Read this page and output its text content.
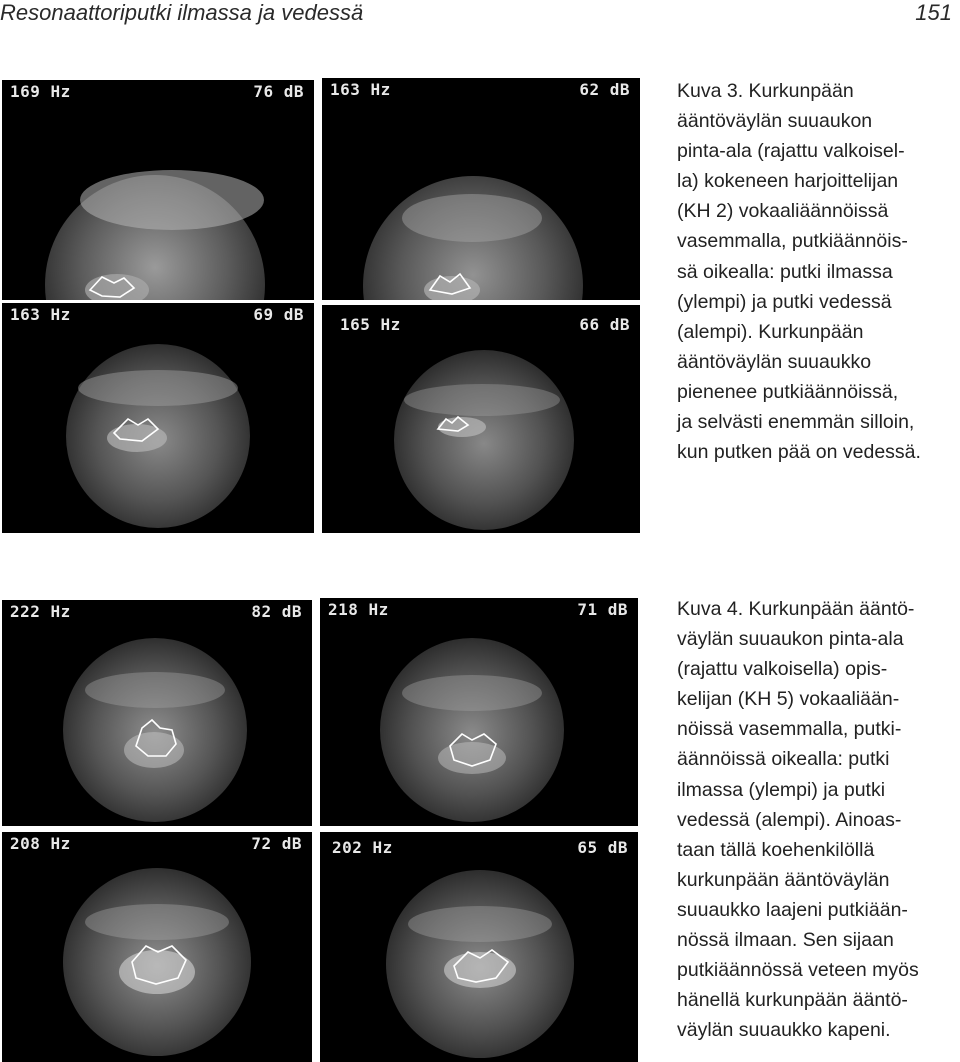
Resonaattoriputki ilmassa ja vedessä	151
169 Hz	76 dB 163 Hz	62 dB
163 Hz	69 dB
165 Hz	66 dB
Kuva 3. Kurkunpään
ääntöväylän suuaukon
pinta-ala (rajattu valkoisel-
la) kokeneen harjoittelijan
(KH 2) vokaaliäännöissä
vasemmalla, putkiäännöis-
sä oikealla: putki ilmassa
(ylempi) ja putki vedessä
(alempi). Kurkunpään
ääntöväylän suuaukko
pienenee putkiäännöissä,
ja selvästi enemmän silloin,
kun putken pää on vedessä.
222 Hz	82 dB 218 Hz	71 dB
208 Hz	72 dB 202 Hz	65 dB
Kuva 4. Kurkunpään ääntö-
väylän suuaukon pinta-ala
(rajattu valkoisella) opis-
kelijan (KH 5) vokaaliään-
nöissä vasemmalla, putki-
äännöissä oikealla: putki
ilmassa (ylempi) ja putki
vedessä (alempi). Ainoas-
taan tällä koehenkilöllä
kurkunpään ääntöväylän
suuaukko laajeni putkiään-
nössä ilmaan. Sen sijaan
putkiäännössä veteen myös
hänellä kurkunpään ääntö-
väylän suuaukko kapeni.
